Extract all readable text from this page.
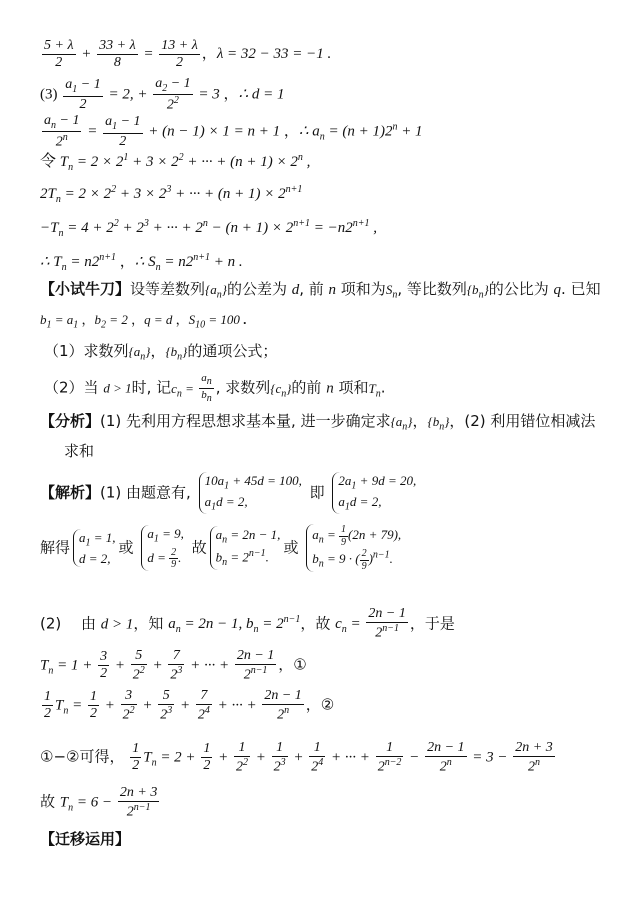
$\frac{5 + \lambda}{2} + \frac{33 + \lambda}{8} = \frac{13 + \lambda}{2}$ ，λ = 32 − 33 = −1 .
$(3) \frac{a_1 - 1}{2} = 2$, + $\frac{a_2 - 1}{2^2} = 3$ ，∴ d = 1
$\frac{a_n - 1}{2^n} = \frac{a_1 - 1}{2} + (n - 1) \times 1 = n + 1$ ，∴ $a_n = (n + 1)2^n + 1$
令 $T_n = 2 \times 2^1 + 3 \times 2^2$ + ··· + $(n + 1) \times 2^n$ ,
$2T_n = 2 \times 2^2 + 3 \times 2^3$ + ··· + $(n + 1) \times 2^{n+1}$
$-T_n = 4 + 2^2 + 2^3$ + ··· + $2^n - (n + 1) \times 2^{n+1} = -n2^{n+1}$ ,
∴ $T_n = n2^{n+1}$ ，∴ $S_n = n2^{n+1} + n$ .
【小试牛刀】设等差数列$\{a_n\}$的公差为 d, 前 n 项和为$S_n$, 等比数列$\{b_n\}$的公比为 q. 已知
$b_1 = a_1$ ，$b_2 = 2$ ，q = d ，$S_{10} = 100$ .
（1）求数列$\{a_n\}$，$\{b_n\}$的通项公式；
（2）当 d > 1时, 记$c_n = \frac{a_n}{b_n}$ , 求数列$\{c_n\}$的前 n 项和$T_n$.
【分析】(1) 先利用方程思想求基本量, 进一步确定求$\{a_n\}$，$\{b_n\}$，(2) 利用错位相减法
求和
【解析】(1) 由题意有,
$10a_1 + 45d = 100$,
$a_1d = 2$,	即
$2a_1 + 9d = 20$,
$a_1d = 2$,
解得
$a_1 = 1$,
d = 2,
或
$a_1 = 9$,
$d = \frac{2}{9}$ .
故
$a_n = 2n - 1$,
$b_n = 2^{n-1}$.
或
$a_n = \frac{1}{9} (2n + 79)$,
$b_n = 9$ · ( $\frac{2}{9} )^{n-1}$.
(2)　 由 d > 1，知 $a_n = 2n - 1$, $b_n = 2^{n-1}$，故 $c_n = \frac{2n - 1}{2^{n-1}}$ ，于是
$T_n = 1 + \frac{3}{2} + \frac{5}{2^2} + \frac{7}{2^3}$ + ··· + $\frac{2n - 1}{2^{n-1}}$ ，①
$\frac{1}{2} T_n = \frac{1}{2} + \frac{3}{2^2} + \frac{5}{2^3} + \frac{7}{2^4}$ + ··· + $\frac{2n - 1}{2^n}$ ，②
①−②可得， $\frac{1}{2} T_n = 2 + \frac{1}{2} + \frac{1}{2^2} + \frac{1}{2^3} + \frac{1}{2^4}$ + ··· + $\frac{1}{2^{n-2}} - \frac{2n - 1}{2^n} = 3 - \frac{2n + 3}{2^n}$
故 $T_n = 6 - \frac{2n + 3}{2^{n-1}}$
【迁移运用】
